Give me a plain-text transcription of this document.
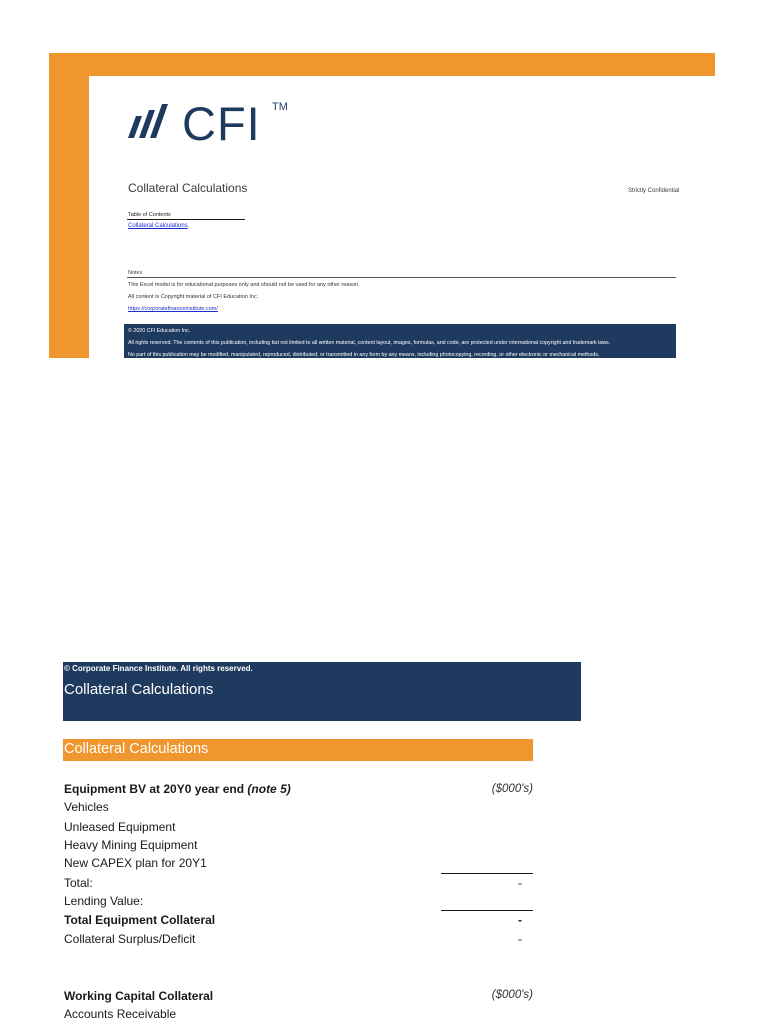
CFI TM
Collateral Calculations	Strictly Confidential
Table of Contents
Collateral Calculations
Notes
This Excel model is for educational purposes only and should not be used for any other reason.
All content is Copyright material of CFI Education Inc.
https://corporatefinanceinstitute.com/
© 2020 CFI Education Inc.
All rights reserved. The contents of this publication, including but not limited to all written material, content layout, images, formulas, and code, are protected under international copyright and trademark laws.
No part of this publication may be modified, manipulated, reproduced, distributed, or transmitted in any form by any means, including photocopying, recording, or other electronic or mechanical methods,
© Corporate Finance Institute. All rights reserved.
Collateral Calculations
Collateral Calculations
Equipment BV at 20Y0 year end (note 5)	($000's)
Vehicles
Unleased Equipment
Heavy Mining Equipment
New CAPEX plan for 20Y1
Total:	-
Lending Value:
Total Equipment Collateral	-
Collateral Surplus/Deficit	-
Working Capital Collateral	($000's)
Accounts Receivable
